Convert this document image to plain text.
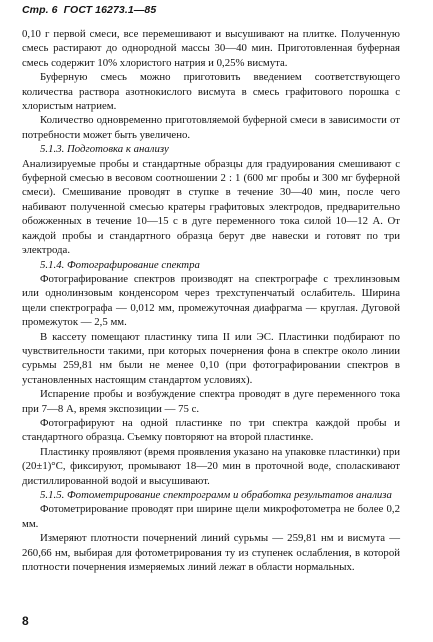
Стр. 6 ГОСТ 16273.1—85

0,10 г первой смеси, все перемешивают и высушивают на плитке. Полученную смесь растирают до однородной массы 30—40 мин. Приготовленная буферная смесь содержит 10% хлористого натрия и 0,25% висмута.

Буферную смесь можно приготовить введением соответствующего количества раствора азотнокислого висмута в смесь графитового порошка с хлористым натрием.

Количество одновременно приготовляемой буферной смеси в зависимости от потребности может быть увеличено.

5.1.3. Подготовка к анализу

Анализируемые пробы и стандартные образцы для градуирования смешивают с буферной смесью в весовом соотношении 2 : 1 (600 мг пробы и 300 мг буферной смеси). Смешивание проводят в ступке в течение 30—40 мин, после чего набивают полученной смесью кратеры графитовых электродов, предварительно обожженных в течение 10—15 с в дуге переменного тока силой 10—12 А. От каждой пробы и стандартного образца берут две навески и готовят по три электрода.

5.1.4. Фотографирование спектра

Фотографирование спектров производят на спектрографе с трехлинзовым или однолинзовым конденсором через трехступенчатый ослабитель. Ширина щели спектрографа — 0,012 мм, промежуточная диафрагма — круглая. Дуговой промежуток — 2,5 мм.

В кассету помещают пластинку типа II или ЭС. Пластинки подбирают по чувствительности такими, при которых почернения фона в спектре около линии сурьмы 259,81 нм были не менее 0,10 (при фотографировании спектров в установленных настоящим стандартом условиях).

Испарение пробы и возбуждение спектра проводят в дуге переменного тока при 7—8 А, время экспозиции — 75 с.

Фотографируют на одной пластинке по три спектра каждой пробы и стандартного образца. Съемку повторяют на второй пластинке.

Пластинку проявляют (время проявления указано на упаковке пластинки) при (20±1)°С, фиксируют, промывают 18—20 мин в проточной воде, споласкивают дистиллированной водой и высушивают.

5.1.5. Фотометрирование спектрограмм и обработка результатов анализа

Фотометрирование проводят при ширине щели микрофотометра не более 0,2 мм.

Измеряют плотности почернений линий сурьмы — 259,81 нм и висмута — 260,66 нм, выбирая для фотометрирования ту из ступенек ослабления, в которой плотности почернения измеряемых линий лежат в области нормальных.

8
